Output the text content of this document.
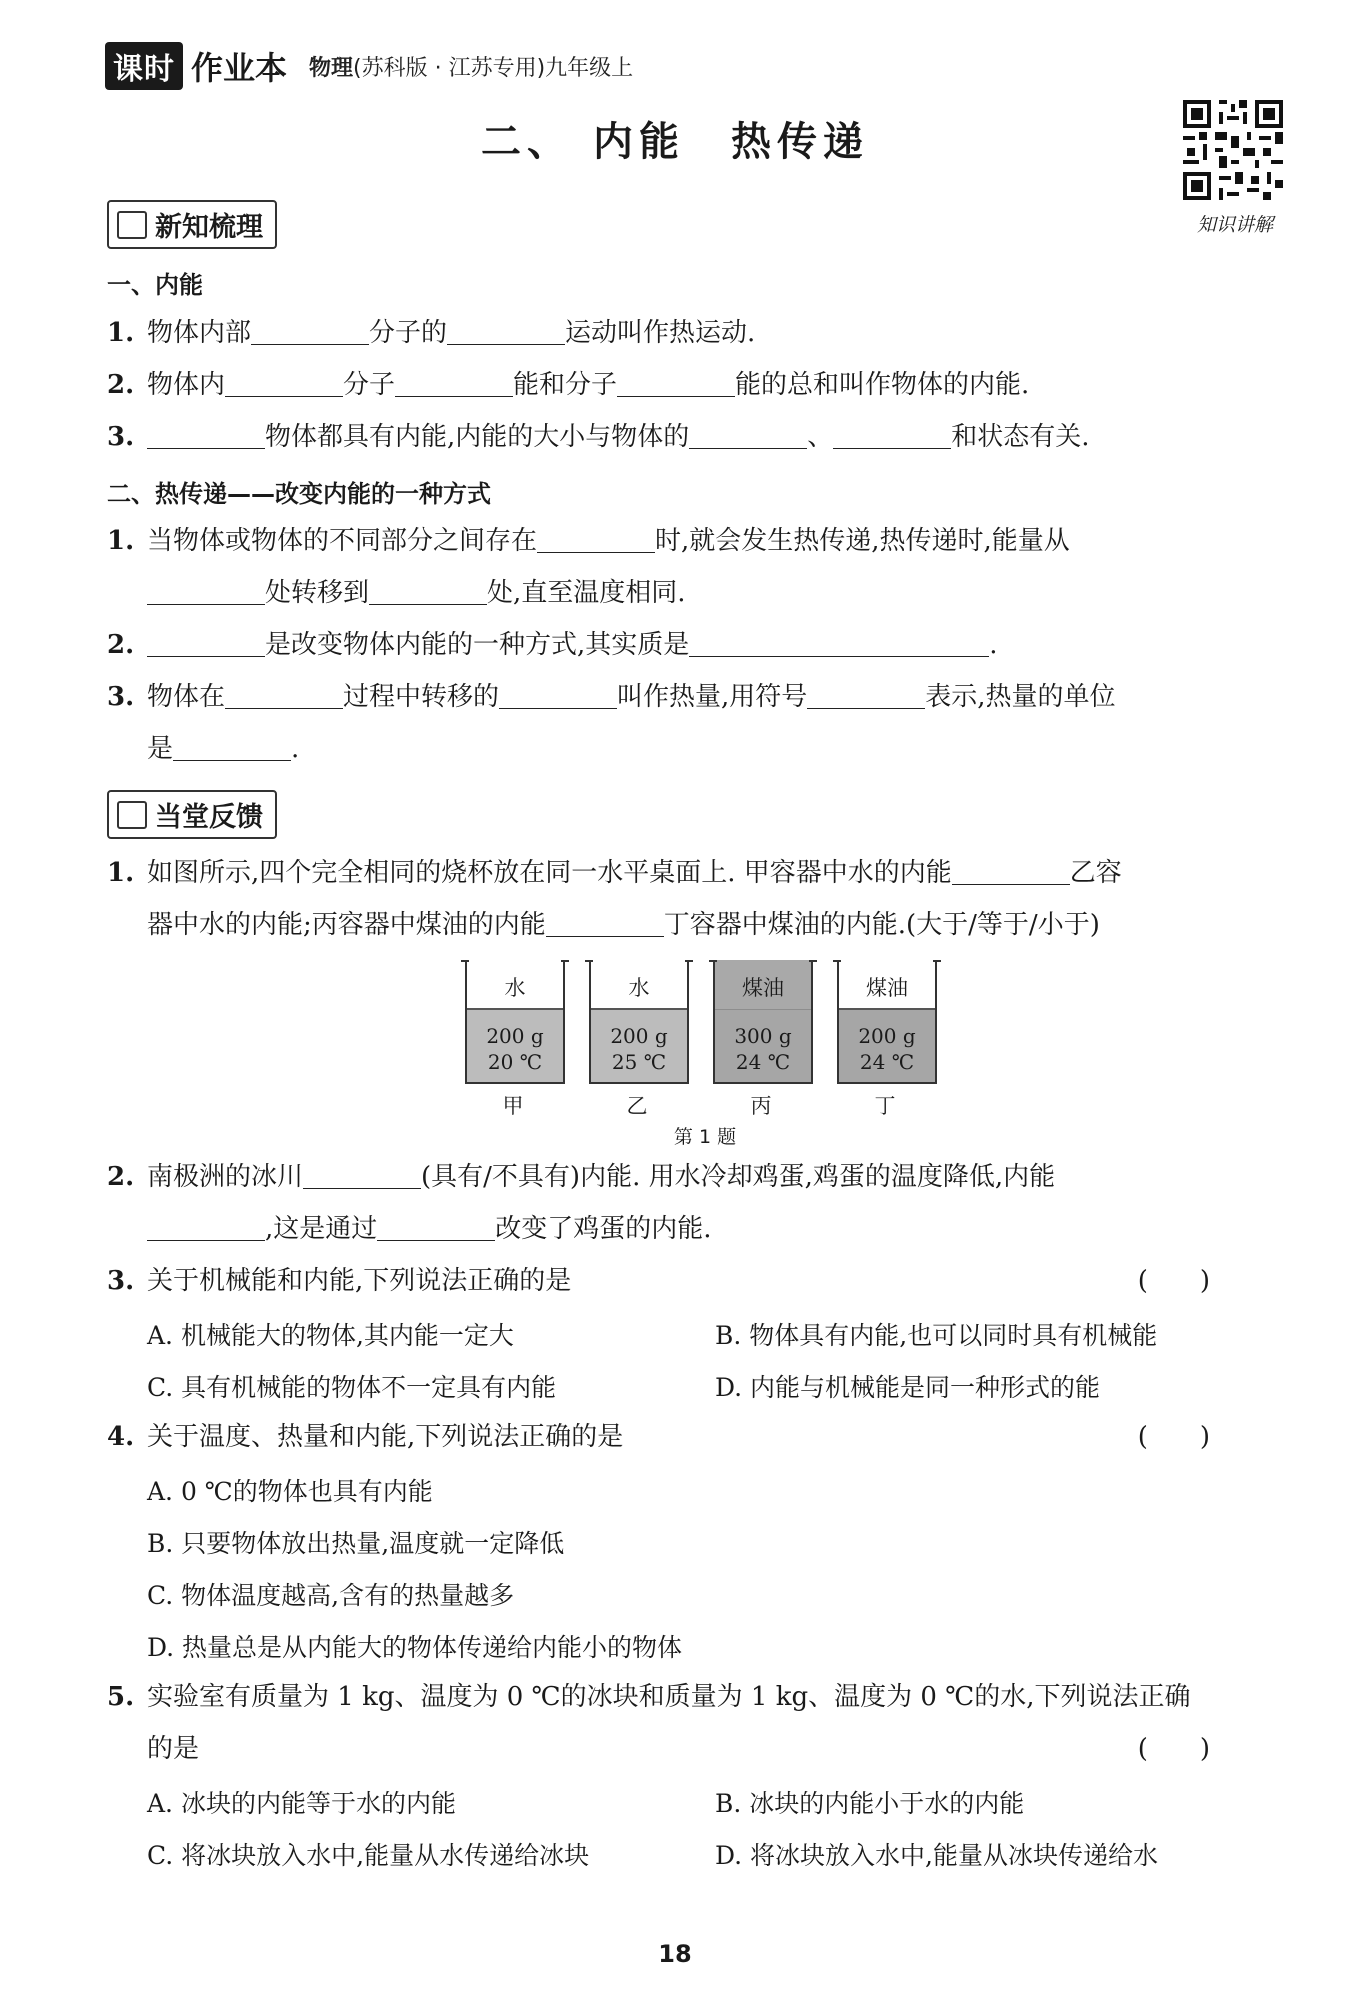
课时 作业本 物理(苏科版 · 江苏专用)九年级上
二、 内能　热传递
知识讲解
新知梳理
一、内能
1. 物体内部	分子的	运动叫作热运动.
2. 物体内	分子	能和分子	能的总和叫作物体的内能.
3.	物体都具有内能,内能的大小与物体的	、	和状态有关.
二、热传递——改变内能的一种方式
1. 当物体或物体的不同部分之间存在	时,就会发生热传递,热传递时,能量从
处转移到	处,直至温度相同.
2.	是改变物体内能的一种方式,其实质是	.
3. 物体在	过程中转移的	叫作热量,用符号	表示,热量的单位
是	.
当堂反馈
1. 如图所示,四个完全相同的烧杯放在同一水平桌面上. 甲容器中水的内能	乙容
器中水的内能;丙容器中煤油的内能	丁容器中煤油的内能.(大于/等于/小于)
水
200 g
20 ℃
甲
水
200 g
25 ℃
乙
煤油
300 g
24 ℃
丙
煤油
200 g
24 ℃
丁
第 1 题
2. 南极洲的冰川	(具有/不具有)内能. 用水冷却鸡蛋,鸡蛋的温度降低,内能
,这是通过	改变了鸡蛋的内能.
3. 关于机械能和内能,下列说法正确的是	(　　)
A. 机械能大的物体,其内能一定大	B. 物体具有内能,也可以同时具有机械能
C. 具有机械能的物体不一定具有内能	D. 内能与机械能是同一种形式的能
4. 关于温度、热量和内能,下列说法正确的是	(　　)
A. 0 ℃的物体也具有内能
B. 只要物体放出热量,温度就一定降低
C. 物体温度越高,含有的热量越多
D. 热量总是从内能大的物体传递给内能小的物体
5. 实验室有质量为 1 kg、温度为 0 ℃的冰块和质量为 1 kg、温度为 0 ℃的水,下列说法正确
的是	(　　)
A. 冰块的内能等于水的内能	B. 冰块的内能小于水的内能
C. 将冰块放入水中,能量从水传递给冰块	D. 将冰块放入水中,能量从冰块传递给水
18
